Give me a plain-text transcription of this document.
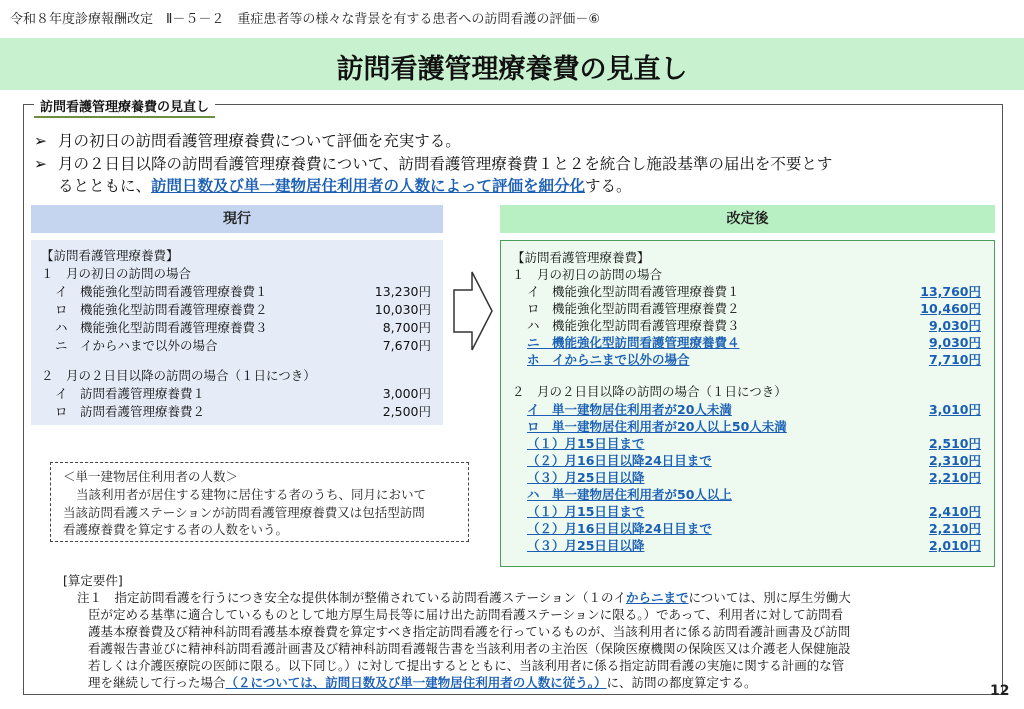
令和８年度診療報酬改定　Ⅱ－５－２　重症患者等の様々な背景を有する患者への訪問看護の評価－⑥
訪問看護管理療養費の見直し
訪問看護管理療養費の見直し
➢ 月の初日の訪問看護管理療養費について評価を充実する。
➢ 月の２日目以降の訪問看護管理療養費について、訪問看護管理療養費１と２を統合し施設基準の届出を不要とす
るとともに、訪問日数及び単一建物居住利用者の人数によって評価を細分化する。
現行
【訪問看護管理療養費】
１　月の初日の訪問の場合
イ　機能強化型訪問看護管理療養費１	13,230円
ロ　機能強化型訪問看護管理療養費２	10,030円
ハ　機能強化型訪問看護管理療養費３	8,700円
ニ　イからハまで以外の場合	7,670円
２　月の２日目以降の訪問の場合（１日につき）
イ　訪問看護管理療養費１	3,000円
ロ　訪問看護管理療養費２	2,500円
改定後
【訪問看護管理療養費】
１　月の初日の訪問の場合
イ　機能強化型訪問看護管理療養費１	13,760円
ロ　機能強化型訪問看護管理療養費２	10,460円
ハ　機能強化型訪問看護管理療養費３	9,030円
ニ　機能強化型訪問看護管理療養費４	9,030円
ホ　イからニまで以外の場合	7,710円
２　月の２日目以降の訪問の場合（１日につき）
イ　単一建物居住利用者が20人未満	3,010円
ロ　単一建物居住利用者が20人以上50人未満
（１）月15日目まで	2,510円
（２）月16日目以降24日目まで	2,310円
（３）月25日目以降	2,210円
ハ　単一建物居住利用者が50人以上
（１）月15日目まで	2,410円
（２）月16日目以降24日目まで	2,210円
（３）月25日目以降	2,010円
＜単一建物居住利用者の人数＞
当該利用者が居住する建物に居住する者のうち、同月において
当該訪問看護ステーションが訪問看護管理療養費又は包括型訪問
看護療養費を算定する者の人数をいう。
[算定要件]
注１　指定訪問看護を行うにつき安全な提供体制が整備されている訪問看護ステーション（１のイからニまでについては、別に厚生労働大
臣が定める基準に適合しているものとして地方厚生局長等に届け出た訪問看護ステーションに限る。）であって、利用者に対して訪問看
護基本療養費及び精神科訪問看護基本療養費を算定すべき指定訪問看護を行っているものが、当該利用者に係る訪問看護計画書及び訪問
看護報告書並びに精神科訪問看護計画書及び精神科訪問看護報告書を当該利用者の主治医（保険医療機関の保険医又は介護老人保健施設
若しくは介護医療院の医師に限る。以下同じ。）に対して提出するとともに、当該利用者に係る指定訪問看護の実施に関する計画的な管
理を継続して行った場合（２については、訪問日数及び単一建物居住利用者の人数に従う。）に、訪問の都度算定する。
12
